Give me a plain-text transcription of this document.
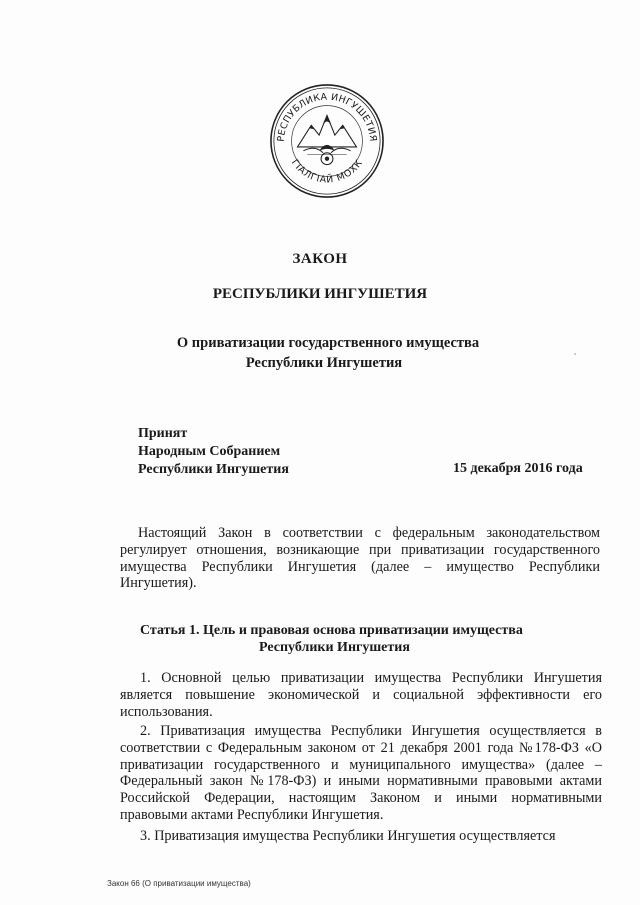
РЕСПУБЛИКА ИНГУШЕТИЯ
ГӀАЛГӀАЙ МОХК
ЗАКОН
РЕСПУБЛИКИ ИНГУШЕТИЯ
О приватизации государственного имущества
Республики Ингушетия
Принят
Народным Собранием
Республики Ингушетия	15 декабря 2016 года
Настоящий Закон в соответствии с федеральным законодательством регулирует отношения, возникающие при приватизации государственного имущества Республики Ингушетия (далее – имущество Республики Ингушетия).
Статья 1. Цель и правовая основа приватизации имущества
Республики Ингушетия
1. Основной целью приватизации имущества Республики Ингушетия является повышение экономической и социальной эффективности его использования.
2. Приватизация имущества Республики Ингушетия осуществляется в соответствии с Федеральным законом от 21 декабря 2001 года №178-ФЗ «О приватизации государственного и муниципального имущества» (далее – Федеральный закон №178-ФЗ) и иными нормативными правовыми актами Российской Федерации, настоящим Законом и иными нормативными правовыми актами Республики Ингушетия.
3. Приватизация имущества Республики Ингушетия осуществляется
Закон 66 (О приватизации имущества)
